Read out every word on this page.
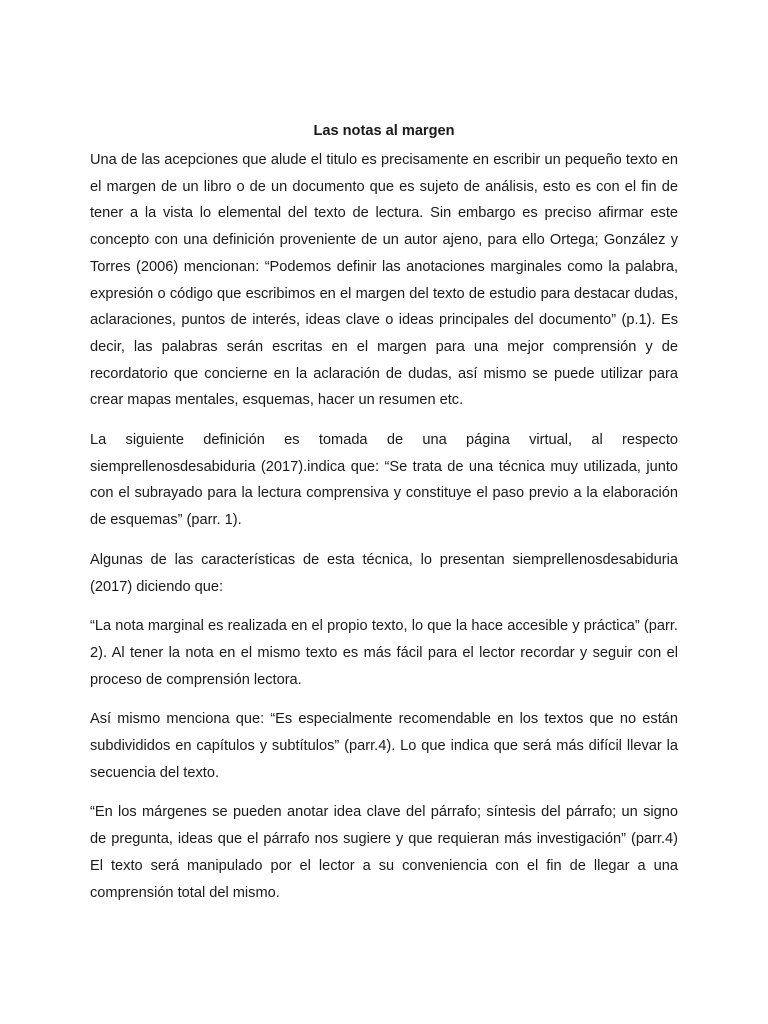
Las notas al margen

Una de las acepciones que alude el titulo es precisamente en escribir un pequeño texto en el margen de un libro o de un documento que es sujeto de análisis, esto es con el fin de tener a la vista lo elemental del texto de lectura. Sin embargo es preciso afirmar este concepto con una definición proveniente de un autor ajeno, para ello Ortega; González y Torres (2006) mencionan: “Podemos definir las anotaciones marginales como la palabra, expresión o código que escribimos en el margen del texto de estudio para destacar dudas, aclaraciones, puntos de interés, ideas clave o ideas principales del documento” (p.1). Es decir, las palabras serán escritas en el margen para una mejor comprensión y de recordatorio que concierne en la aclaración de dudas, así mismo se puede utilizar para crear mapas mentales, esquemas, hacer un resumen etc.

La siguiente definición es tomada de una página virtual, al respecto siemprellenosdesabiduria (2017).indica que: “Se trata de una técnica muy utilizada, junto con el subrayado para la lectura comprensiva y constituye el paso previo a la elaboración de esquemas” (parr. 1).

Algunas de las características de esta técnica, lo presentan siemprellenosdesabiduria (2017) diciendo que:

“La nota marginal es realizada en el propio texto, lo que la hace accesible y práctica” (parr. 2). Al tener la nota en el mismo texto es más fácil para el lector recordar y seguir con el proceso de comprensión lectora.

Así mismo menciona que: “Es especialmente recomendable en los textos que no están subdivididos en capítulos y subtítulos” (parr.4). Lo que indica que será más difícil llevar la secuencia del texto.

“En los márgenes se pueden anotar idea clave del párrafo; síntesis del párrafo; un signo de pregunta, ideas que el párrafo nos sugiere y que requieran más investigación” (parr.4) El texto será manipulado por el lector a su conveniencia con el fin de llegar a una comprensión total del mismo.
